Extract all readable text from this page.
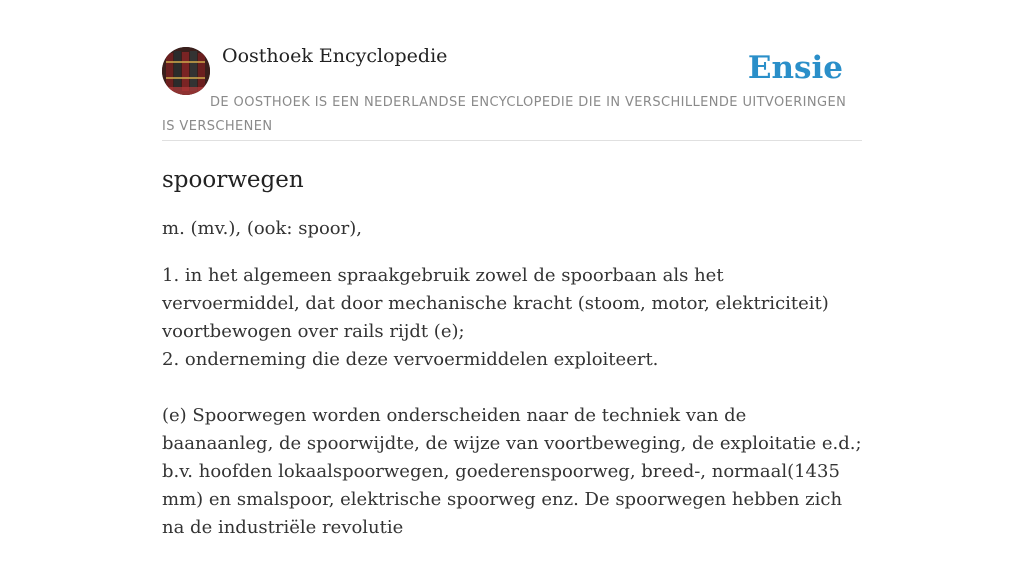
Oosthoek Encyclopedie	Ensie
DE OOSTHOEK IS EEN NEDERLANDSE ENCYCLOPEDIE DIE IN VERSCHILLENDE UITVOERINGEN IS VERSCHENEN
spoorwegen

m. (mv.), (ook: spoor),

1. in het algemeen spraakgebruik zowel de spoorbaan als het vervoermiddel, dat door mechanische kracht (stoom, motor, elektriciteit) voortbewogen over rails rijdt (e);
2. onderneming die deze vervoermiddelen exploiteert.
(e) Spoorwegen worden onderscheiden naar de techniek van de baanaanleg, de spoorwijdte, de wijze van voortbeweging, de exploitatie e.d.; b.v. hoofden lokaalspoorwegen, goederenspoorweg, breed-, normaal(1435 mm) en smalspoor, elektrische spoorweg enz. De spoorwegen hebben zich na de industriële revolutie
